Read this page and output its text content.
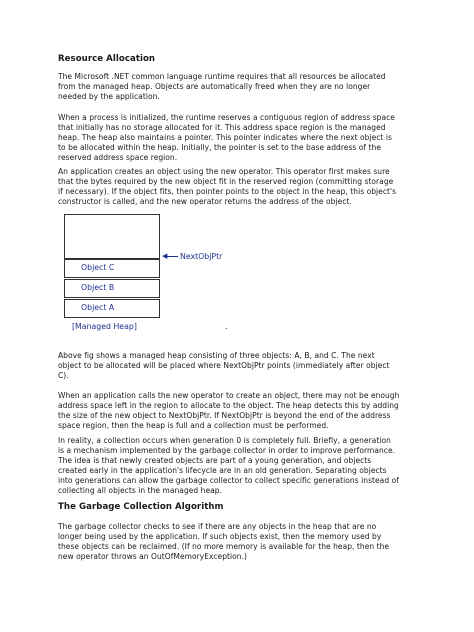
Resource Allocation
The Microsoft .NET common language runtime requires that all resources be allocated
from the managed heap. Objects are automatically freed when they are no longer
needed by the application.
When a process is initialized, the runtime reserves a contiguous region of address space
that initially has no storage allocated for it. This address space region is the managed
heap. The heap also maintains a pointer. This pointer indicates where the next object is
to be allocated within the heap. Initially, the pointer is set to the base address of the
reserved address space region.
An application creates an object using the new operator. This operator first makes sure
that the bytes required by the new object fit in the reserved region (committing storage
if necessary). If the object fits, then pointer points to the object in the heap, this object's
constructor is called, and the new operator returns the address of the object.
Object C
Object B
Object A
◀ NextObjPtr
[Managed Heap]	.
Above fig shows a managed heap consisting of three objects: A, B, and C. The next
object to be allocated will be placed where NextObjPtr points (immediately after object
C).
When an application calls the new operator to create an object, there may not be enough
address space left in the region to allocate to the object. The heap detects this by adding
the size of the new object to NextObjPtr. If NextObjPtr is beyond the end of the address
space region, then the heap is full and a collection must be performed.
In reality, a collection occurs when generation 0 is completely full. Briefly, a generation
is a mechanism implemented by the garbage collector in order to improve performance.
The idea is that newly created objects are part of a young generation, and objects
created early in the application's lifecycle are in an old generation. Separating objects
into generations can allow the garbage collector to collect specific generations instead of
collecting all objects in the managed heap.
The Garbage Collection Algorithm
The garbage collector checks to see if there are any objects in the heap that are no
longer being used by the application. If such objects exist, then the memory used by
these objects can be reclaimed. (If no more memory is available for the heap, then the
new operator throws an OutOfMemoryException.)
